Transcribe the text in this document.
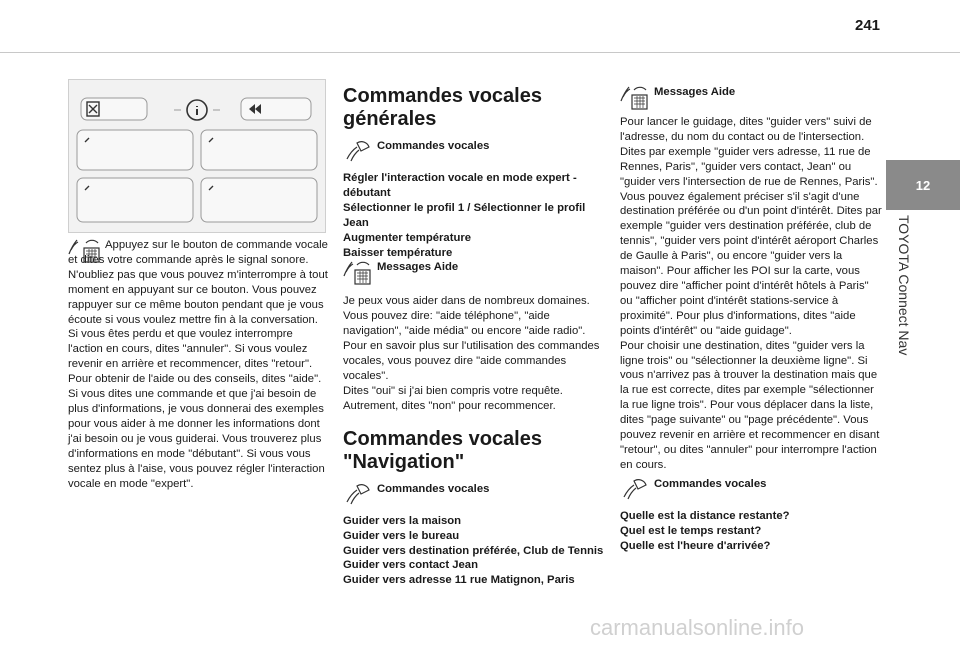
241
12
TOYOTA Connect Nav

Appuyez sur le bouton de commande vocale et dites votre commande après le signal sonore. N'oubliez pas que vous pouvez m'interrompre à tout moment en appuyant sur ce bouton. Vous pouvez rappuyer sur ce même bouton pendant que je vous écoute si vous voulez mettre fin à la conversation. Si vous êtes perdu et que voulez interrompre l'action en cours, dites "annuler". Si vous voulez revenir en arrière et recommencer, dites "retour". Pour obtenir de l'aide ou des conseils, dites "aide". Si vous dites une commande et que j'ai besoin de plus d'informations, je vous donnerai des exemples pour vous aider à me donner les informations dont j'ai besoin ou je vous guiderai. Vous trouverez plus d'informations en mode "débutant". Si vous vous sentez plus à l'aise, vous pouvez régler l'interaction vocale en mode "expert".

Commandes vocales générales

Commandes vocales

Régler l'interaction vocale en mode expert - débutant

Sélectionner le profil 1 / Sélectionner le profil Jean

Augmenter température

Baisser température

Messages Aide

Je peux vous aider dans de nombreux domaines. Vous pouvez dire: "aide téléphone", "aide navigation", "aide média" ou encore "aide radio". Pour en savoir plus sur l'utilisation des commandes vocales, vous pouvez dire "aide commandes vocales".

Dites "oui" si j'ai bien compris votre requête. Autrement, dites "non" pour recommencer.

Commandes vocales "Navigation"

Commandes vocales

Guider vers la maison

Guider vers le bureau

Guider vers destination préférée, Club de Tennis

Guider vers contact Jean

Guider vers adresse 11 rue Matignon, Paris

Messages Aide

Pour lancer le guidage, dites "guider vers" suivi de l'adresse, du nom du contact ou de l'intersection. Dites par exemple "guider vers adresse, 11 rue de Rennes, Paris", "guider vers contact, Jean" ou "guider vers l'intersection de rue de Rennes, Paris". Vous pouvez également préciser s'il s'agit d'une destination préférée ou d'un point d'intérêt. Dites par exemple "guider vers destination préférée, club de tennis", "guider vers point d'intérêt aéroport Charles de Gaulle à Paris", ou encore "guider vers la maison". Pour afficher les POI sur la carte, vous pouvez dire "afficher point d'intérêt hôtels à Paris" ou "afficher point d'intérêt stations-service à proximité". Pour plus d'informations, dites "aide points d'intérêt" ou "aide guidage".

Pour choisir une destination, dites "guider vers la ligne trois" ou "sélectionner la deuxième ligne". Si vous n'arrivez pas à trouver la destination mais que la rue est correcte, dites par exemple "sélectionner la rue ligne trois". Pour vous déplacer dans la liste, dites "page suivante" ou "page précédente". Vous pouvez revenir en arrière et recommencer en disant "retour", ou dites "annuler" pour interrompre l'action en cours.

Commandes vocales

Quelle est la distance restante?

Quel est le temps restant?

Quelle est l'heure d'arrivée?

carmanualsonline.info
